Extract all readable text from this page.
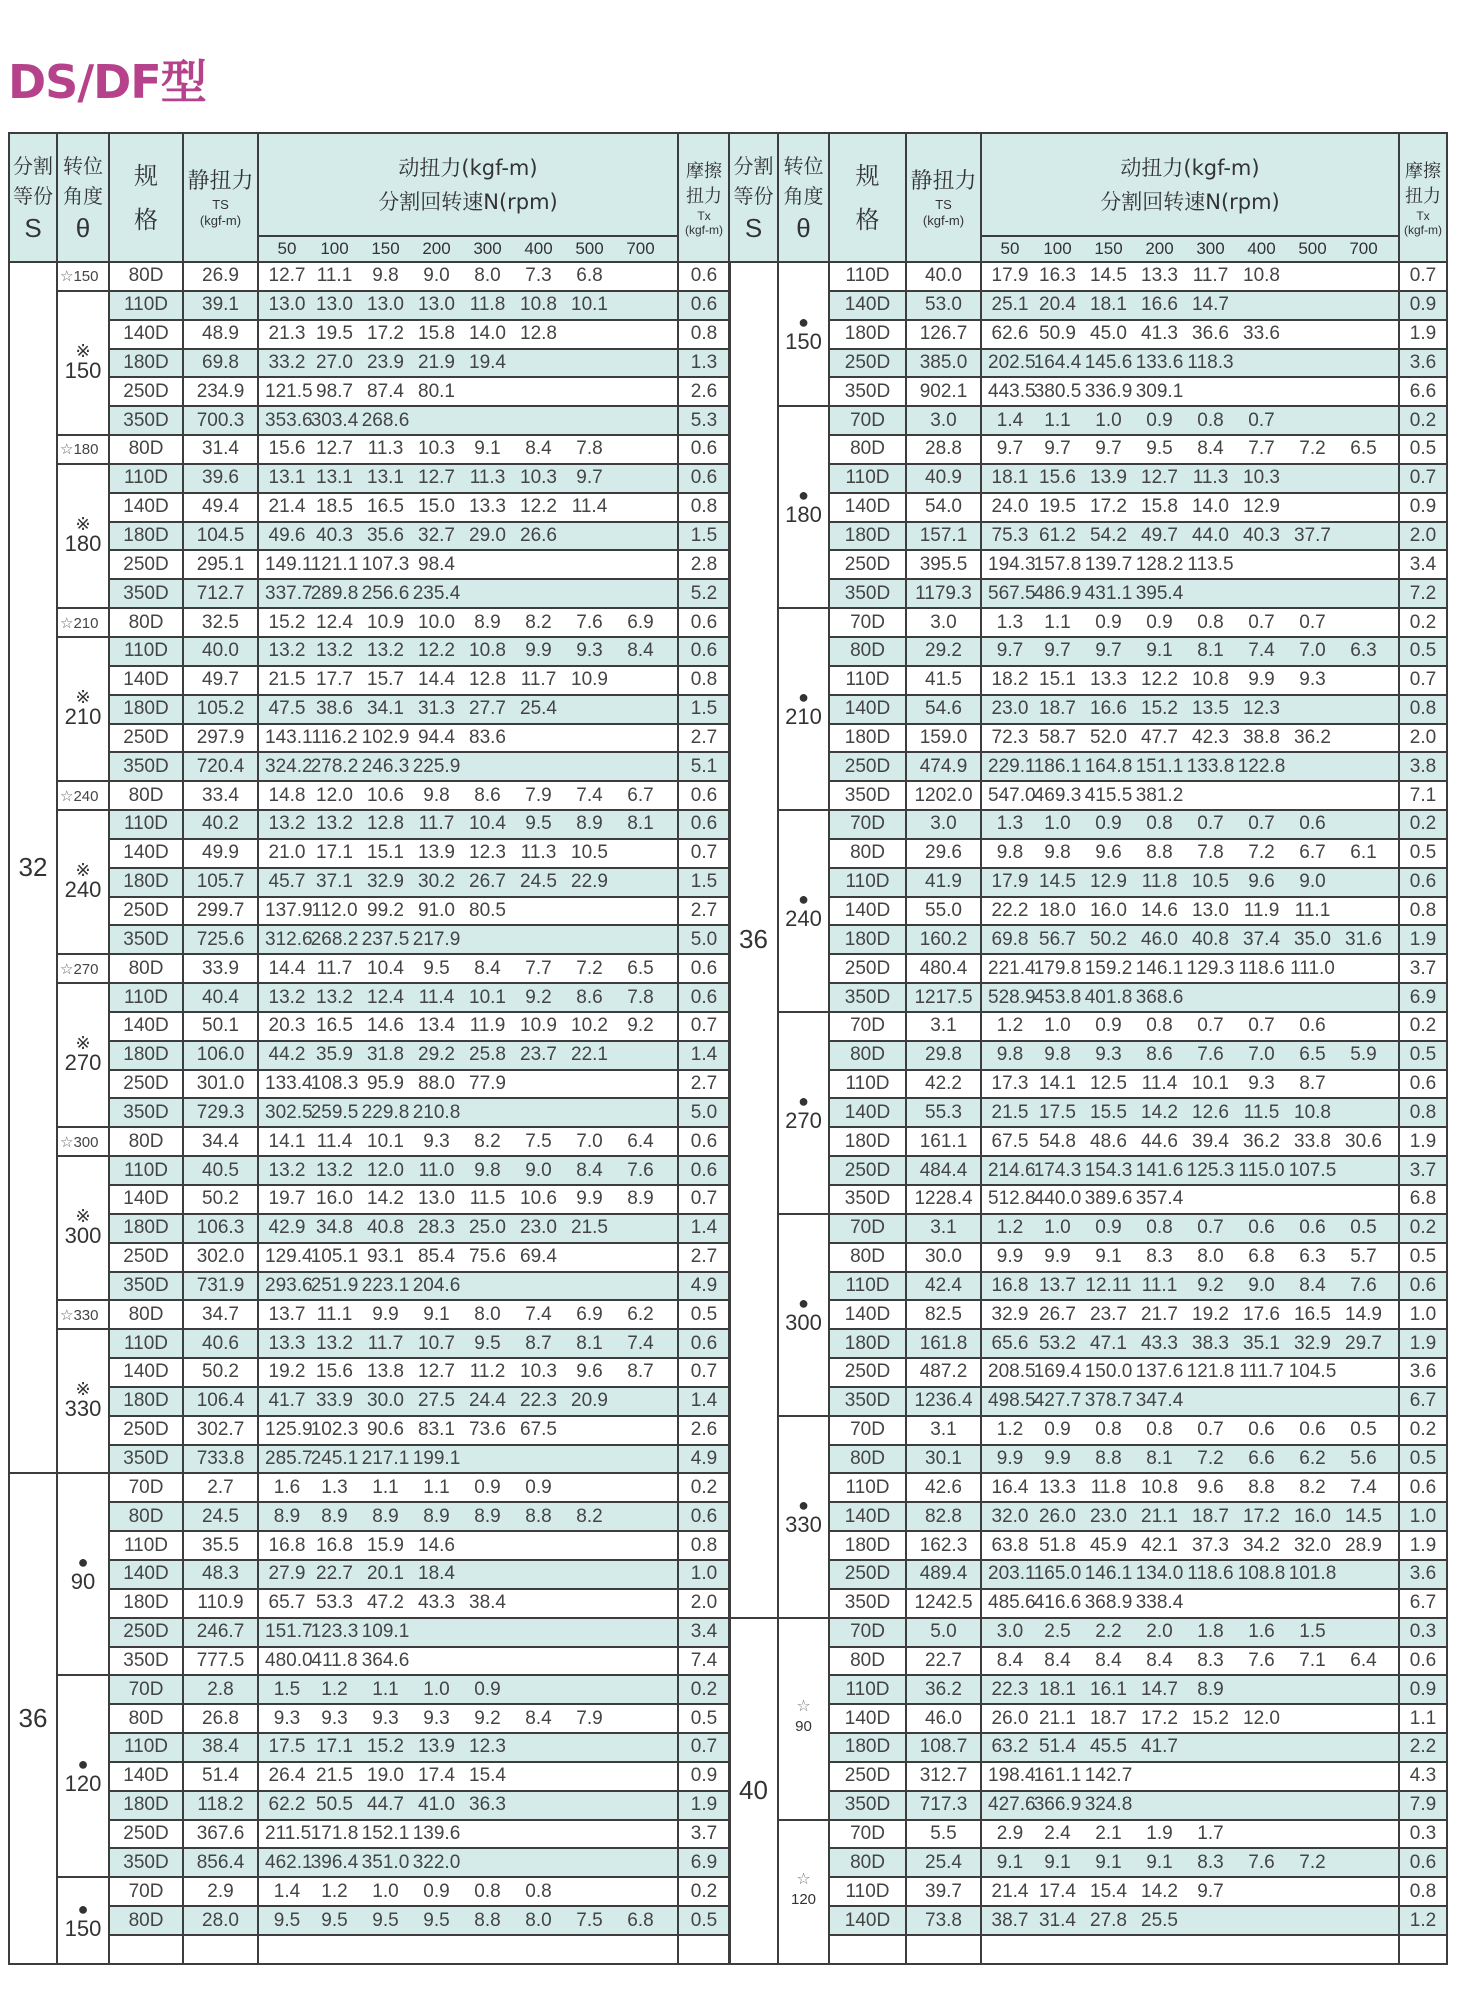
DS/DF型
分割
等份
S

转位
角度
θ

规
格

静扭力
TS
(kgf-m)

动扭力(kgf-m)
分割回转速N(rpm)

摩擦
扭力
Tx
(kgf-m)

				50 100 150 200 300 400 500 700	
32	☆150	80D	26.9	12.7 11.1 9.8 9.0 8.0 7.3 6.8	0.6

	※
150	110D	39.1	13.0 13.0 13.0 13.0 11.8 10.8 10.1	0.6
		140D	48.9	21.3 19.5 17.2 15.8 14.0 12.8	0.8
		180D	69.8	33.2 27.0 23.9 21.9 19.4	1.3
		250D	234.9	121.5 98.7 87.4 80.1	2.6
		350D	700.3	353.6303.4 268.6	5.3
	☆180	80D	31.4	15.6 12.7 11.3 10.3 9.1 8.4 7.8	0.6

	※
180	110D	39.6	13.1 13.1 13.1 12.7 11.3 10.3 9.7	0.6
		140D	49.4	21.4 18.5 16.5 15.0 13.3 12.2 11.4	0.8
		180D	104.5	49.6 40.3 35.6 32.7 29.0 26.6	1.5
		250D	295.1	149.1121.1 107.3 98.4	2.8
		350D	712.7	337.7289.8 256.6 235.4	5.2
	☆210	80D	32.5	15.2 12.4 10.9 10.0 8.9 8.2 7.6 6.9	0.6

	※
210	110D	40.0	13.2 13.2 13.2 12.2 10.8 9.9 9.3 8.4	0.6
		140D	49.7	21.5 17.7 15.7 14.4 12.8 11.7 10.9	0.8
		180D	105.2	47.5 38.6 34.1 31.3 27.7 25.4	1.5
		250D	297.9	143.1116.2 102.9 94.4 83.6	2.7
		350D	720.4	324.2278.2 246.3 225.9	5.1
	☆240	80D	33.4	14.8 12.0 10.6 9.8 8.6 7.9 7.4 6.7	0.6

	※
240	110D	40.2	13.2 13.2 12.8 11.7 10.4 9.5 8.9 8.1	0.6
		140D	49.9	21.0 17.1 15.1 13.9 12.3 11.3 10.5	0.7
		180D	105.7	45.7 37.1 32.9 30.2 26.7 24.5 22.9	1.5
		250D	299.7	137.9112.0 99.2 91.0 80.5	2.7
		350D	725.6	312.6268.2 237.5 217.9	5.0
	☆270	80D	33.9	14.4 11.7 10.4 9.5 8.4 7.7 7.2 6.5	0.6

	※
270	110D	40.4	13.2 13.2 12.4 11.4 10.1 9.2 8.6 7.8	0.6
		140D	50.1	20.3 16.5 14.6 13.4 11.9 10.9 10.2 9.2	0.7
		180D	106.0	44.2 35.9 31.8 29.2 25.8 23.7 22.1	1.4
		250D	301.0	133.4108.3 95.9 88.0 77.9	2.7
		350D	729.3	302.5259.5 229.8 210.8	5.0
	☆300	80D	34.4	14.1 11.4 10.1 9.3 8.2 7.5 7.0 6.4	0.6

	※
300	110D	40.5	13.2 13.2 12.0 11.0 9.8 9.0 8.4 7.6	0.6
		140D	50.2	19.7 16.0 14.2 13.0 11.5 10.6 9.9 8.9	0.7
		180D	106.3	42.9 34.8 40.8 28.3 25.0 23.0 21.5	1.4
		250D	302.0	129.4105.1 93.1 85.4 75.6 69.4	2.7
		350D	731.9	293.6251.9 223.1 204.6	4.9
	☆330	80D	34.7	13.7 11.1 9.9 9.1 8.0 7.4 6.9 6.2	0.5

	※
330	110D	40.6	13.3 13.2 11.7 10.7 9.5 8.7 8.1 7.4	0.6
		140D	50.2	19.2 15.6 13.8 12.7 11.2 10.3 9.6 8.7	0.7
		180D	106.4	41.7 33.9 30.0 27.5 24.4 22.3 20.9	1.4
		250D	302.7	125.9102.3 90.6 83.1 73.6 67.5	2.6
		350D	733.8	285.7245.1 217.1 199.1	4.9
36	●
90	70D	2.7	1.6 1.3 1.1 1.1 0.9 0.9	0.2
		80D	24.5	8.9 8.9 8.9 8.9 8.9 8.8 8.2	0.6
		110D	35.5	16.8 16.8 15.9 14.6	0.8
		140D	48.3	27.9 22.7 20.1 18.4	1.0
		180D	110.9	65.7 53.3 47.2 43.3 38.4	2.0
		250D	246.7	151.7123.3 109.1	3.4
		350D	777.5	480.0411.8 364.6	7.4

	●
120	70D	2.8	1.5 1.2 1.1 1.0 0.9	0.2
		80D	26.8	9.3 9.3 9.3 9.3 9.2 8.4 7.9	0.5
		110D	38.4	17.5 17.1 15.2 13.9 12.3	0.7
		140D	51.4	26.4 21.5 19.0 17.4 15.4	0.9
		180D	118.2	62.2 50.5 44.7 41.0 36.3	1.9
		250D	367.6	211.5171.8 152.1 139.6	3.7
		350D	856.4	462.1396.4 351.0 322.0	6.9

	●
150	70D	2.9	1.4 1.2 1.0 0.9 0.8 0.8	0.2
		80D	28.0	9.5 9.5 9.5 9.5 8.8 8.0 7.5 6.8	0.5

分割
等份
S

转位
角度
θ

规
格

静扭力
TS
(kgf-m)

动扭力(kgf-m)
分割回转速N(rpm)

摩擦
扭力
Tx
(kgf-m)

				50 100 150 200 300 400 500 700	
36	●
150	110D	40.0	17.9 16.3 14.5 13.3 11.7 10.8	0.7
		140D	53.0	25.1 20.4 18.1 16.6 14.7	0.9
		180D	126.7	62.6 50.9 45.0 41.3 36.6 33.6	1.9
		250D	385.0	202.5164.4 145.6 133.6 118.3	3.6
		350D	902.1	443.5380.5 336.9 309.1	6.6

	●
180	70D	3.0	1.4 1.1 1.0 0.9 0.8 0.7	0.2
		80D	28.8	9.7 9.7 9.7 9.5 8.4 7.7 7.2 6.5	0.5
		110D	40.9	18.1 15.6 13.9 12.7 11.3 10.3	0.7
		140D	54.0	24.0 19.5 17.2 15.8 14.0 12.9	0.9
		180D	157.1	75.3 61.2 54.2 49.7 44.0 40.3 37.7	2.0
		250D	395.5	194.3157.8 139.7 128.2 113.5	3.4
		350D	1179.3	567.5486.9 431.1 395.4	7.2

	●
210	70D	3.0	1.3 1.1 0.9 0.9 0.8 0.7 0.7	0.2
		80D	29.2	9.7 9.7 9.7 9.1 8.1 7.4 7.0 6.3	0.5
		110D	41.5	18.2 15.1 13.3 12.2 10.8 9.9 9.3	0.7
		140D	54.6	23.0 18.7 16.6 15.2 13.5 12.3	0.8
		180D	159.0	72.3 58.7 52.0 47.7 42.3 38.8 36.2	2.0
		250D	474.9	229.1186.1 164.8 151.1 133.8 122.8	3.8
		350D	1202.0	547.0469.3 415.5 381.2	7.1

	●
240	70D	3.0	1.3 1.0 0.9 0.8 0.7 0.7 0.6	0.2
		80D	29.6	9.8 9.8 9.6 8.8 7.8 7.2 6.7 6.1	0.5
		110D	41.9	17.9 14.5 12.9 11.8 10.5 9.6 9.0	0.6
		140D	55.0	22.2 18.0 16.0 14.6 13.0 11.9 11.1	0.8
		180D	160.2	69.8 56.7 50.2 46.0 40.8 37.4 35.0 31.6	1.9
		250D	480.4	221.4179.8 159.2 146.1 129.3 118.6 111.0	3.7
		350D	1217.5	528.9453.8 401.8 368.6	6.9

	●
270	70D	3.1	1.2 1.0 0.9 0.8 0.7 0.7 0.6	0.2
		80D	29.8	9.8 9.8 9.3 8.6 7.6 7.0 6.5 5.9	0.5
		110D	42.2	17.3 14.1 12.5 11.4 10.1 9.3 8.7	0.6
		140D	55.3	21.5 17.5 15.5 14.2 12.6 11.5 10.8	0.8
		180D	161.1	67.5 54.8 48.6 44.6 39.4 36.2 33.8 30.6	1.9
		250D	484.4	214.6174.3 154.3 141.6 125.3 115.0 107.5	3.7
		350D	1228.4	512.8440.0 389.6 357.4	6.8

	●
300	70D	3.1	1.2 1.0 0.9 0.8 0.7 0.6 0.6 0.5	0.2
		80D	30.0	9.9 9.9 9.1 8.3 8.0 6.8 6.3 5.7	0.5
		110D	42.4	16.8 13.7 12.11 11.1 9.2 9.0 8.4 7.6	0.6
		140D	82.5	32.9 26.7 23.7 21.7 19.2 17.6 16.5 14.9	1.0
		180D	161.8	65.6 53.2 47.1 43.3 38.3 35.1 32.9 29.7	1.9
		250D	487.2	208.5169.4 150.0 137.6 121.8 111.7 104.5	3.6
		350D	1236.4	498.5427.7 378.7 347.4	6.7

	●
330	70D	3.1	1.2 0.9 0.8 0.8 0.7 0.6 0.6 0.5	0.2
		80D	30.1	9.9 9.9 8.8 8.1 7.2 6.6 6.2 5.6	0.5
		110D	42.6	16.4 13.3 11.8 10.8 9.6 8.8 8.2 7.4	0.6
		140D	82.8	32.0 26.0 23.0 21.1 18.7 17.2 16.0 14.5	1.0
		180D	162.3	63.8 51.8 45.9 42.1 37.3 34.2 32.0 28.9	1.9
		250D	489.4	203.1165.0 146.1 134.0 118.6 108.8 101.8	3.6
		350D	1242.5	485.6416.6 368.9 338.4	6.7
40	☆
90	70D	5.0	3.0 2.5 2.2 2.0 1.8 1.6 1.5	0.3
		80D	22.7	8.4 8.4 8.4 8.4 8.3 7.6 7.1 6.4	0.6
		110D	36.2	22.3 18.1 16.1 14.7 8.9	0.9
		140D	46.0	26.0 21.1 18.7 17.2 15.2 12.0	1.1
		180D	108.7	63.2 51.4 45.5 41.7	2.2
		250D	312.7	198.4161.1 142.7	4.3
		350D	717.3	427.6366.9 324.8	7.9

	☆
120	70D	5.5	2.9 2.4 2.1 1.9 1.7	0.3
		80D	25.4	9.1 9.1 9.1 9.1 8.3 7.6 7.2	0.6
		110D	39.7	21.4 17.4 15.4 14.2 9.7	0.8
		140D	73.8	38.7 31.4 27.8 25.5	1.2
